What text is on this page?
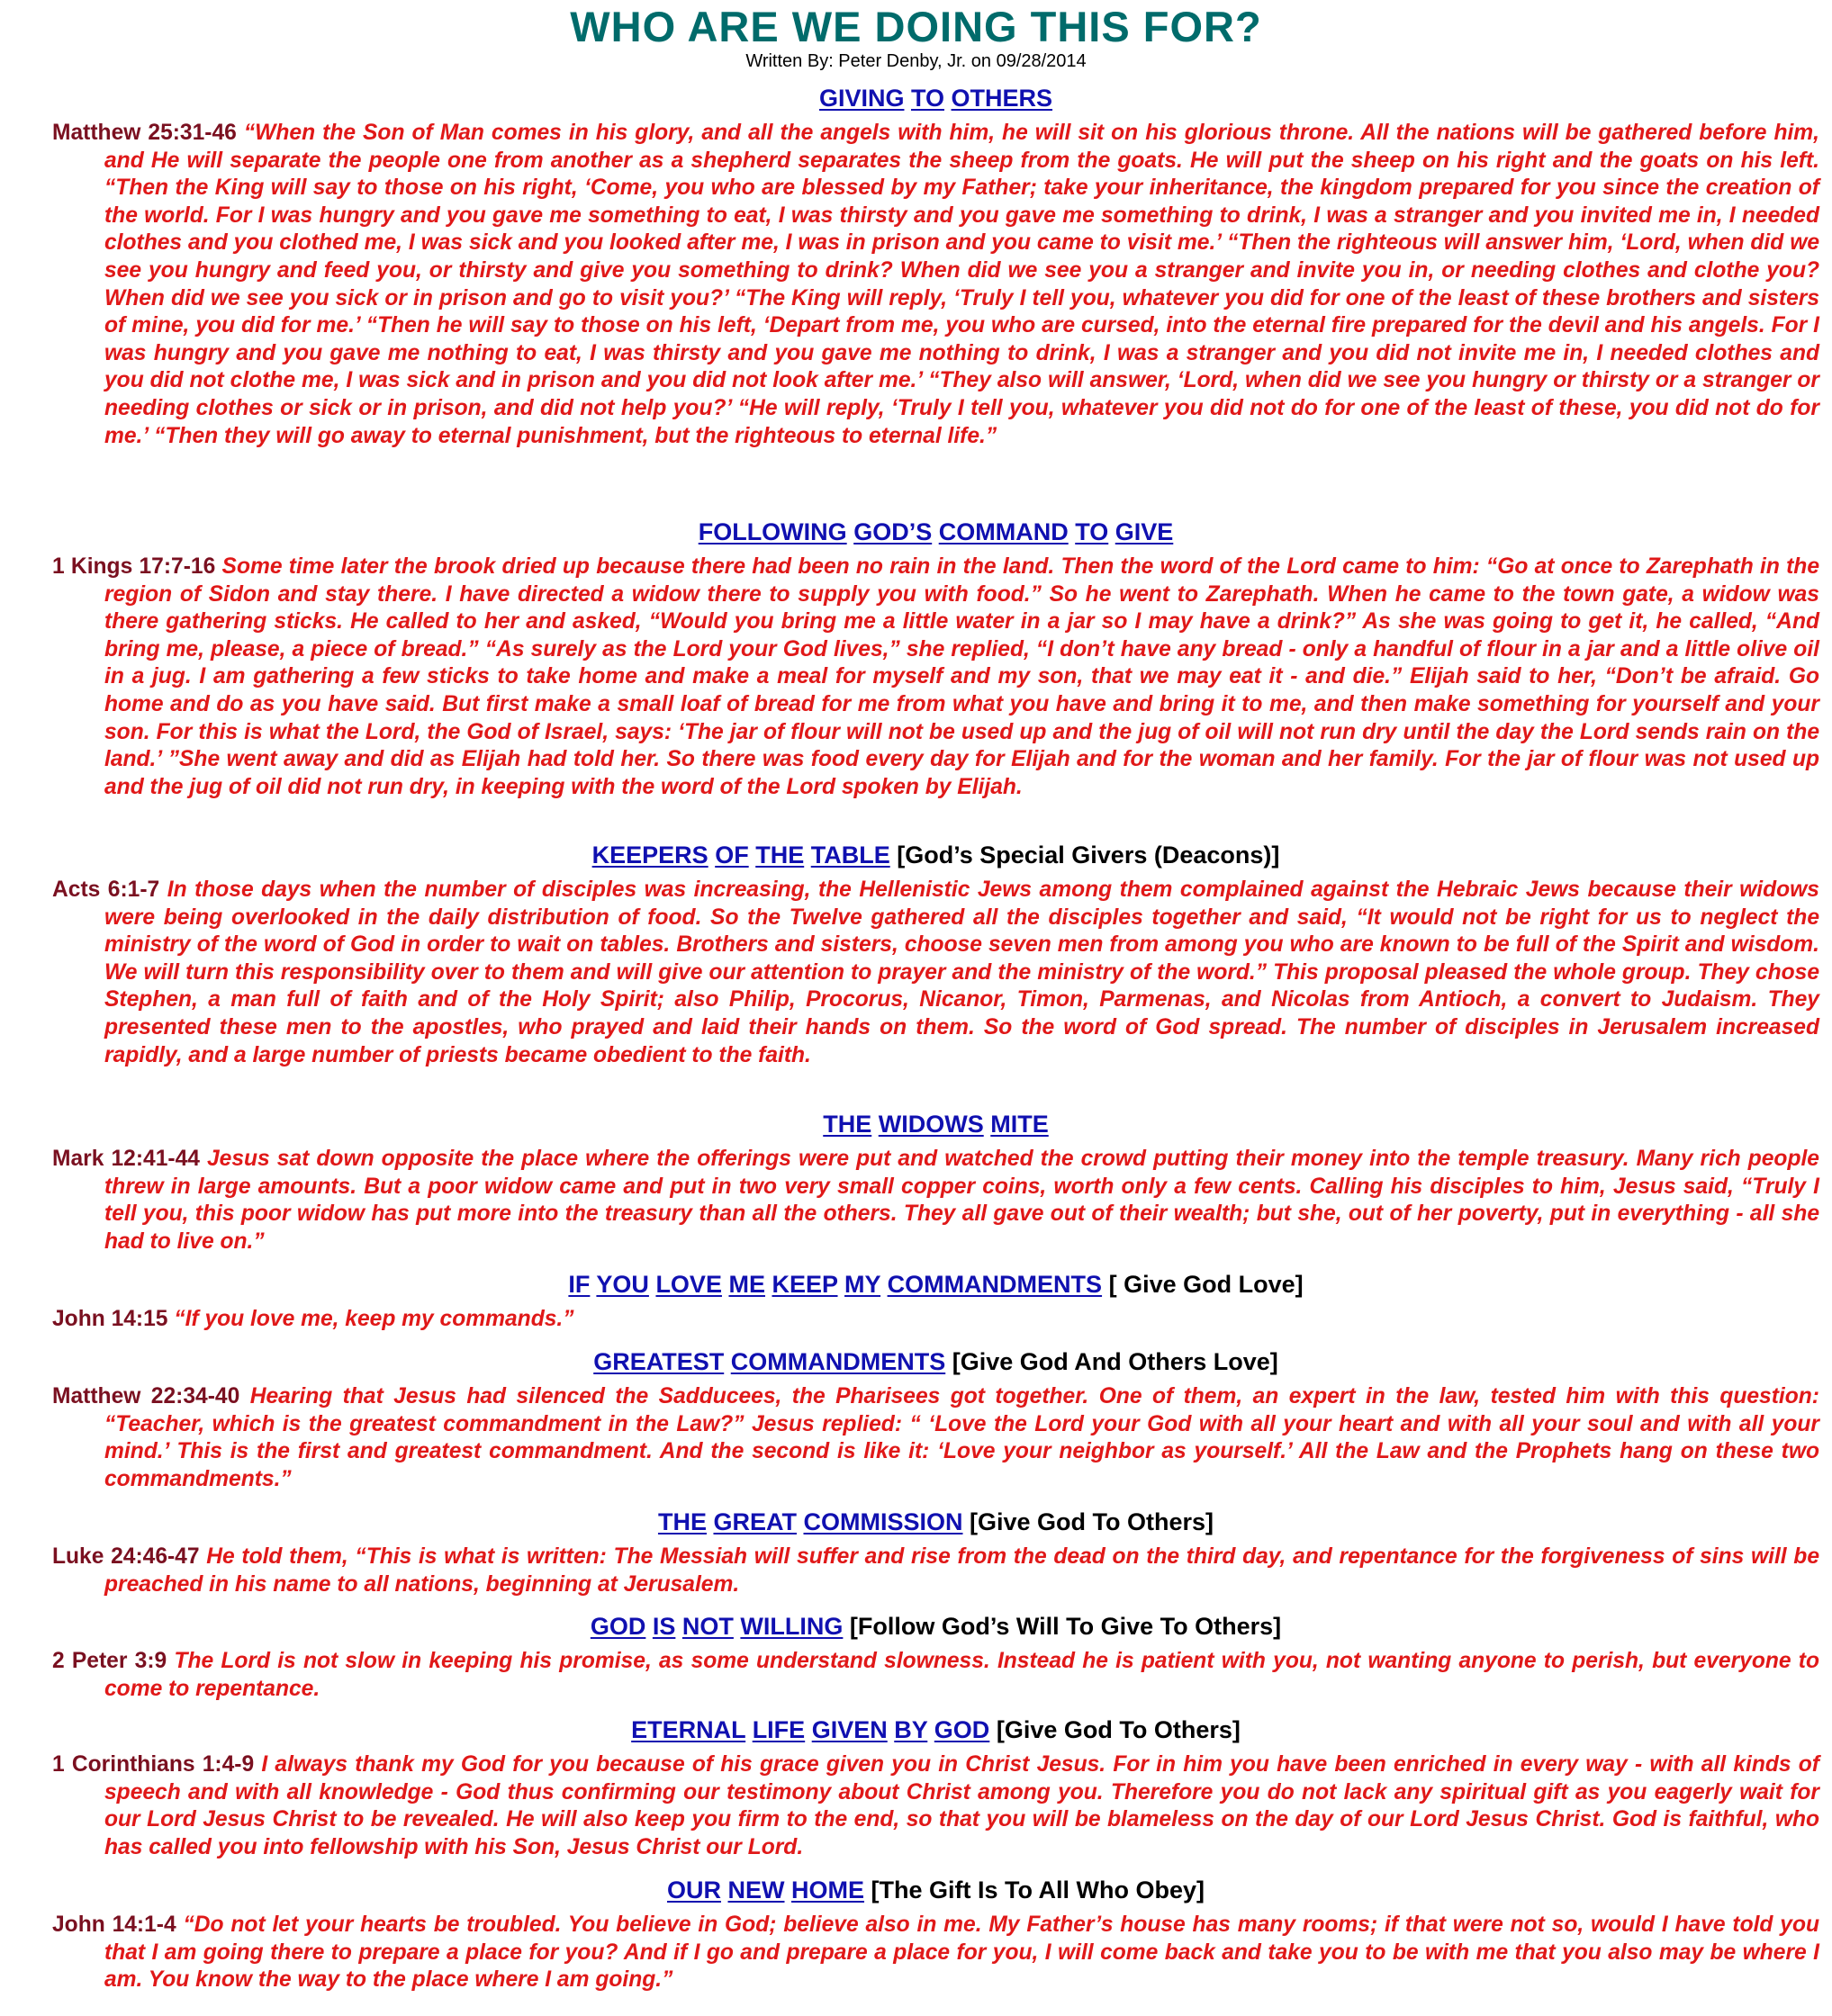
WHO ARE WE DOING THIS FOR?
Written By: Peter Denby, Jr. on 09/28/2014

GIVING TO OTHERS

Matthew 25:31-46 “When the Son of Man comes in his glory, and all the angels with him, he will sit on his glorious throne. All the nations will be gathered before him, and He will separate the people one from another as a shepherd separates the sheep from the goats. He will put the sheep on his right and the goats on his left. “Then the King will say to those on his right, ‘Come, you who are blessed by my Father; take your inheritance, the kingdom prepared for you since the creation of the world. For I was hungry and you gave me something to eat, I was thirsty and you gave me something to drink, I was a stranger and you invited me in, I needed clothes and you clothed me, I was sick and you looked after me, I was in prison and you came to visit me.’ “Then the righteous will answer him, ‘Lord, when did we see you hungry and feed you, or thirsty and give you something to drink? When did we see you a stranger and invite you in, or needing clothes and clothe you? When did we see you sick or in prison and go to visit you?’ “The King will reply, ‘Truly I tell you, whatever you did for one of the least of these brothers and sisters of mine, you did for me.’ “Then he will say to those on his left, ‘Depart from me, you who are cursed, into the eternal fire prepared for the devil and his angels. For I was hungry and you gave me nothing to eat, I was thirsty and you gave me nothing to drink, I was a stranger and you did not invite me in, I needed clothes and you did not clothe me, I was sick and in prison and you did not look after me.’ “They also will answer, ‘Lord, when did we see you hungry or thirsty or a stranger or needing clothes or sick or in prison, and did not help you?’ “He will reply, ‘Truly I tell you, whatever you did not do for one of the least of these, you did not do for me.’ “Then they will go away to eternal punishment, but the righteous to eternal life.”

FOLLOWING GOD’S COMMAND TO GIVE

1 Kings 17:7-16 Some time later the brook dried up because there had been no rain in the land. Then the word of the Lord came to him: “Go at once to Zarephath in the region of Sidon and stay there. I have directed a widow there to supply you with food.” So he went to Zarephath. When he came to the town gate, a widow was there gathering sticks. He called to her and asked, “Would you bring me a little water in a jar so I may have a drink?” As she was going to get it, he called, “And bring me, please, a piece of bread.” “As surely as the Lord your God lives,” she replied, “I don’t have any bread - only a handful of flour in a jar and a little olive oil in a jug. I am gathering a few sticks to take home and make a meal for myself and my son, that we may eat it - and die.” Elijah said to her, “Don’t be afraid. Go home and do as you have said. But first make a small loaf of bread for me from what you have and bring it to me, and then make something for yourself and your son. For this is what the Lord, the God of Israel, says: ‘The jar of flour will not be used up and the jug of oil will not run dry until the day the Lord sends rain on the land.’ ”She went away and did as Elijah had told her. So there was food every day for Elijah and for the woman and her family. For the jar of flour was not used up and the jug of oil did not run dry, in keeping with the word of the Lord spoken by Elijah.

KEEPERS OF THE TABLE [God’s Special Givers (Deacons)]

Acts 6:1-7 In those days when the number of disciples was increasing, the Hellenistic Jews among them complained against the Hebraic Jews because their widows were being overlooked in the daily distribution of food. So the Twelve gathered all the disciples together and said, “It would not be right for us to neglect the ministry of the word of God in order to wait on tables. Brothers and sisters, choose seven men from among you who are known to be full of the Spirit and wisdom. We will turn this responsibility over to them and will give our attention to prayer and the ministry of the word.” This proposal pleased the whole group. They chose Stephen, a man full of faith and of the Holy Spirit; also Philip, Procorus, Nicanor, Timon, Parmenas, and Nicolas from Antioch, a convert to Judaism. They presented these men to the apostles, who prayed and laid their hands on them. So the word of God spread. The number of disciples in Jerusalem increased rapidly, and a large number of priests became obedient to the faith.

THE WIDOWS MITE

Mark 12:41-44 Jesus sat down opposite the place where the offerings were put and watched the crowd putting their money into the temple treasury. Many rich people threw in large amounts. But a poor widow came and put in two very small copper coins, worth only a few cents. Calling his disciples to him, Jesus said, “Truly I tell you, this poor widow has put more into the treasury than all the others. They all gave out of their wealth; but she, out of her poverty, put in everything - all she had to live on.”

IF YOU LOVE ME KEEP MY COMMANDMENTS [ Give God Love]

John 14:15 “If you love me, keep my commands.”

GREATEST COMMANDMENTS [Give God And Others Love]

Matthew 22:34-40 Hearing that Jesus had silenced the Sadducees, the Pharisees got together. One of them, an expert in the law, tested him with this question: “Teacher, which is the greatest commandment in the Law?” Jesus replied: “ ‘Love the Lord your God with all your heart and with all your soul and with all your mind.’ This is the first and greatest commandment. And the second is like it: ‘Love your neighbor as yourself.’ All the Law and the Prophets hang on these two commandments.”

THE GREAT COMMISSION [Give God To Others]

Luke 24:46-47 He told them, “This is what is written: The Messiah will suffer and rise from the dead on the third day, and repentance for the forgiveness of sins will be preached in his name to all nations, beginning at Jerusalem.

GOD IS NOT WILLING [Follow God’s Will To Give To Others]

2 Peter 3:9 The Lord is not slow in keeping his promise, as some understand slowness. Instead he is patient with you, not wanting anyone to perish, but everyone to come to repentance.

ETERNAL LIFE GIVEN BY GOD [Give God To Others]

1 Corinthians 1:4-9 I always thank my God for you because of his grace given you in Christ Jesus. For in him you have been enriched in every way - with all kinds of speech and with all knowledge - God thus confirming our testimony about Christ among you. Therefore you do not lack any spiritual gift as you eagerly wait for our Lord Jesus Christ to be revealed. He will also keep you firm to the end, so that you will be blameless on the day of our Lord Jesus Christ. God is faithful, who has called you into fellowship with his Son, Jesus Christ our Lord.

OUR NEW HOME [The Gift Is To All Who Obey]

John 14:1-4 “Do not let your hearts be troubled. You believe in God; believe also in me. My Father’s house has many rooms; if that were not so, would I have told you that I am going there to prepare a place for you? And if I go and prepare a place for you, I will come back and take you to be with me that you also may be where I am. You know the way to the place where I am going.”
